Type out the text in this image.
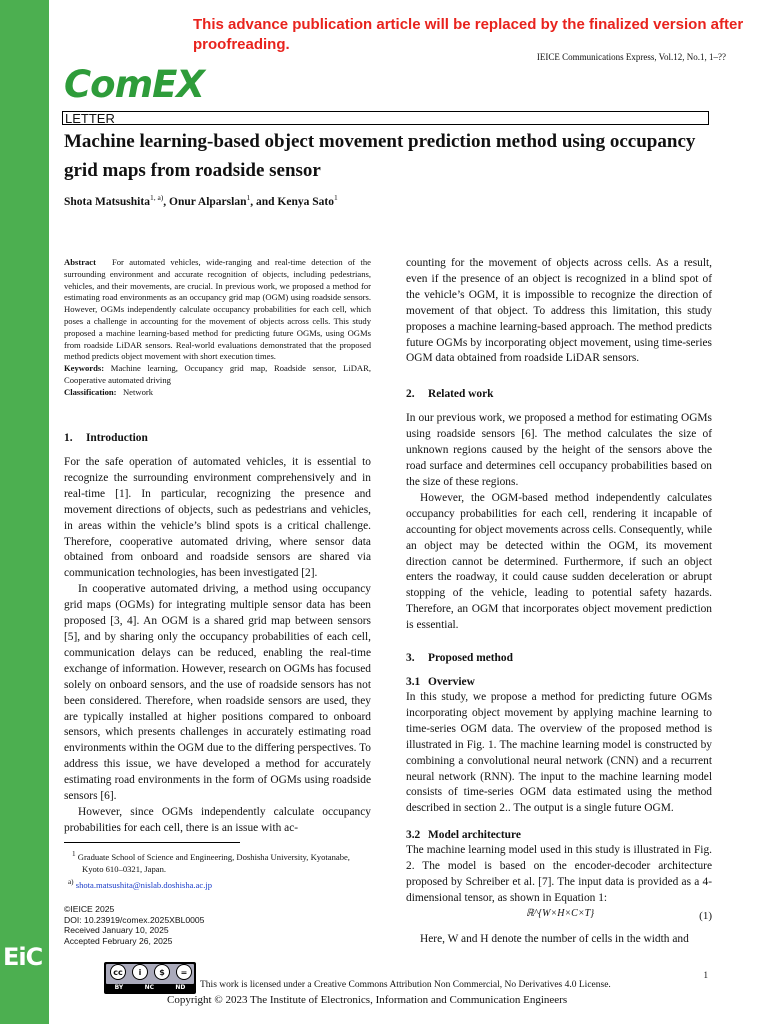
EiC
This advance publication article will be replaced by the finalized version after proofreading.
IEICE Communications Express, Vol.12, No.1, 1–??
ComEX
LETTER
Machine learning-based object movement prediction method using occupancy grid maps from roadside sensor
Shota Matsushita$^{1, a)}$, Onur Alparslan$^1$, and Kenya Sato$^1$

Abstract For automated vehicles, wide-ranging and real-time detection of the surrounding environment and accurate recognition of objects, including pedestrians, vehicles, and their movements, are crucial. In previous work, we proposed a method for estimating road environments as an occupancy grid map (OGM) using roadside sensors. However, OGMs independently calculate occupancy probabilities for each cell, which poses a challenge in accounting for the movement of objects across cells. This study proposed a machine learning-based method for predicting future OGMs, using OGMs from roadside LiDAR sensors. Real-world evaluations demonstrated that the proposed method predicts object movement with short execution times.

Keywords: Machine learning, Occupancy grid map, Roadside sensor, LiDAR, Cooperative automated driving

Classification: Network

1. Introduction

For the safe operation of automated vehicles, it is essential to recognize the surrounding environment comprehensively and in real-time [1]. In particular, recognizing the presence and movement directions of objects, such as pedestrians and vehicles, in areas within the vehicle’s blind spots is a critical challenge. Therefore, cooperative automated driving, where sensor data obtained from onboard and roadside sensors are shared via communication technologies, has been investigated [2].

In cooperative automated driving, a method using occupancy grid maps (OGMs) for integrating multiple sensor data has been proposed [3, 4]. An OGM is a shared grid map between sensors [5], and by sharing only the occupancy probabilities of each cell, communication delays can be reduced, enabling the real-time exchange of information. However, research on OGMs has focused solely on onboard sensors, and the use of roadside sensors has not been considered. Therefore, when roadside sensors are used, they are typically installed at higher positions compared to onboard sensors, which presents challenges in accurately estimating road environments within the OGM due to the differing perspectives. To address this issue, we have developed a method for accurately estimating road environments in the form of OGMs using roadside sensors [6].

However, since OGMs independently calculate occupancy probabilities for each cell, there is an issue with ac-

$^1$ Graduate School of Science and Engineering, Doshisha University, Kyotanabe, Kyoto 610–0321, Japan.
$^{a)}$ shota.matsushita@nislab.doshisha.ac.jp
©IEICE 2025
DOI: 10.23919/comex.2025XBL0005
Received January 10, 2025
Accepted February 26, 2025

counting for the movement of objects across cells. As a result, even if the presence of an object is recognized in a blind spot of the vehicle’s OGM, it is impossible to recognize the direction of movement of that object. To address this limitation, this study proposes a machine learning-based approach. The method predicts future OGMs by incorporating object movement, using time-series OGM data obtained from roadside LiDAR sensors.

2. Related work

In our previous work, we proposed a method for estimating OGMs using roadside sensors [6]. The method calculates the size of unknown regions caused by the height of the sensors above the road surface and determines cell occupancy probabilities based on the size of these regions.

However, the OGM-based method independently calculates occupancy probabilities for each cell, rendering it incapable of accounting for object movements across cells. Consequently, while an object may be detected within the OGM, its movement direction cannot be determined. Furthermore, if such an object enters the roadway, it could cause sudden deceleration or abrupt stopping of the vehicle, leading to potential safety hazards. Therefore, an OGM that incorporates object movement prediction is essential.

3. Proposed method
3.1 Overview

In this study, we propose a method for predicting future OGMs incorporating object movement by applying machine learning to time-series OGM data. The overview of the proposed method is illustrated in Fig. 1. The machine learning model is constructed by combining a convolutional neural network (CNN) and a recurrent neural network (RNN). The input to the machine learning model consists of time-series OGM data estimated using the method described in section 2.. The output is a single future OGM.

3.2 Model architecture

The machine learning model used in this study is illustrated in Fig. 2. The model is based on the encoder-decoder architecture proposed by Schreiber et al. [7]. The input data is provided as a 4-dimensional tensor, as shown in Equation 1:

ℝ^{W×H×C×T}	(1)

Here, W and H denote the number of cells in the width and

1
cc	i	$	=
BY	NC	ND This work is licensed under a Creative Commons Attribution Non Commercial, No Derivatives 4.0 License.
Copyright © 2023 The Institute of Electronics, Information and Communication Engineers
